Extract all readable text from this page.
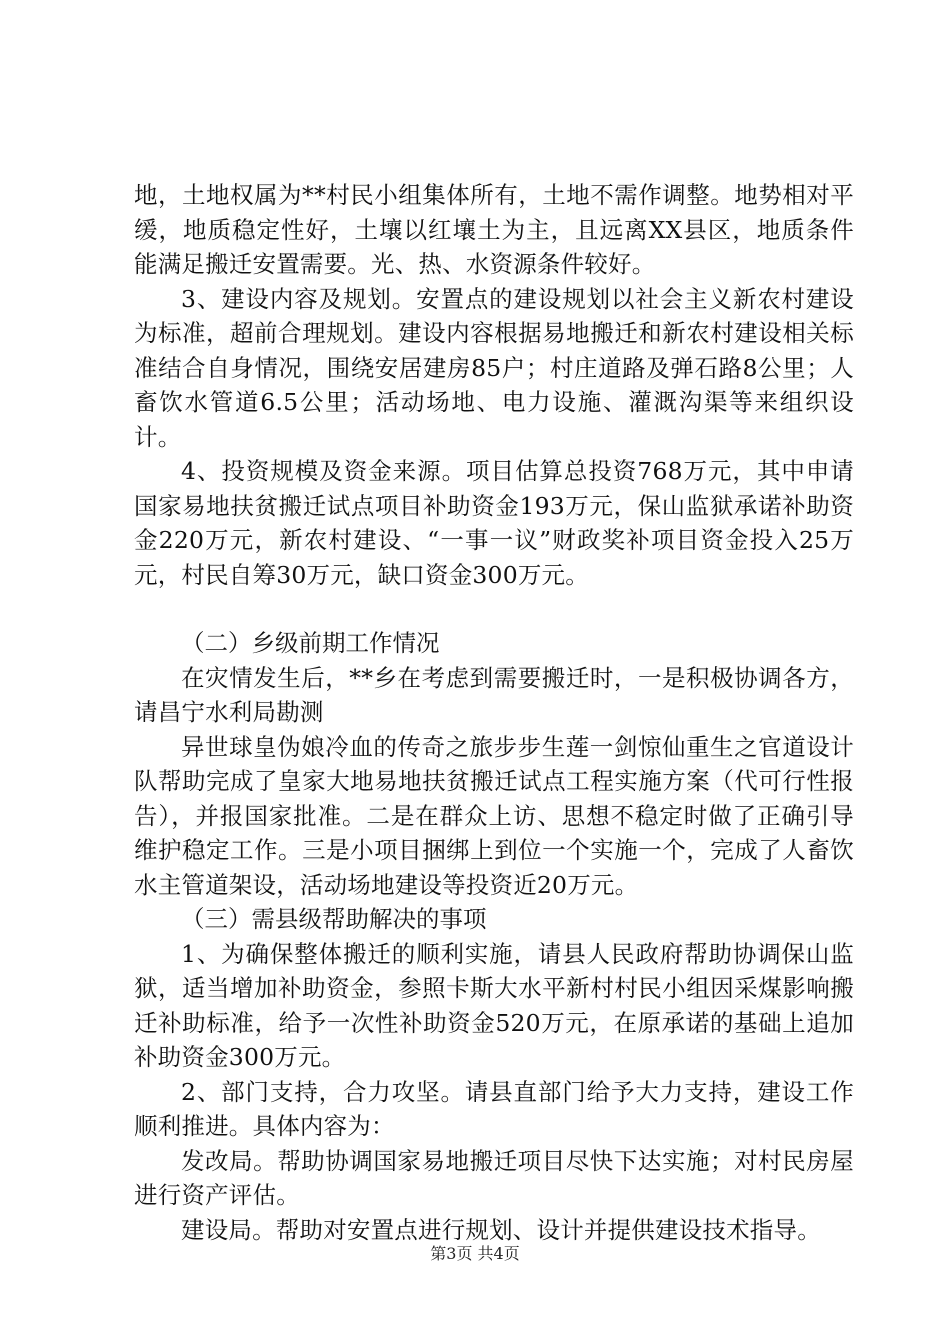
地，土地权属为**村民小组集体所有，土地不需作调整。地势相对平缓，地质稳定性好，土壤以红壤土为主，且远离XX县区，地质条件能满足搬迁安置需要。光、热、水资源条件较好。

3、建设内容及规划。安置点的建设规划以社会主义新农村建设为标准，超前合理规划。建设内容根据易地搬迁和新农村建设相关标准结合自身情况，围绕安居建房85户；村庄道路及弹石路8公里；人畜饮水管道6.5公里；活动场地、电力设施、灌溉沟渠等来组织设计。

4、投资规模及资金来源。项目估算总投资768万元，其中申请国家易地扶贫搬迁试点项目补助资金193万元，保山监狱承诺补助资金220万元，新农村建设、“一事一议”财政奖补项目资金投入25万元，村民自筹30万元，缺口资金300万元。

（二）乡级前期工作情况

在灾情发生后，**乡在考虑到需要搬迁时，一是积极协调各方，请昌宁水利局勘测

异世球皇伪娘冷血的传奇之旅步步生莲一剑惊仙重生之官道设计队帮助完成了皇家大地易地扶贫搬迁试点工程实施方案（代可行性报告），并报国家批准。二是在群众上访、思想不稳定时做了正确引导维护稳定工作。三是小项目捆绑上到位一个实施一个，完成了人畜饮水主管道架设，活动场地建设等投资近20万元。

（三）需县级帮助解决的事项

1、为确保整体搬迁的顺利实施，请县人民政府帮助协调保山监狱，适当增加补助资金，参照卡斯大水平新村村民小组因采煤影响搬迁补助标准，给予一次性补助资金520万元，在原承诺的基础上追加补助资金300万元。

2、部门支持，合力攻坚。请县直部门给予大力支持，建设工作顺利推进。具体内容为：

发改局。帮助协调国家易地搬迁项目尽快下达实施；对村民房屋进行资产评估。

建设局。帮助对安置点进行规划、设计并提供建设技术指导。

第3页 共4页
